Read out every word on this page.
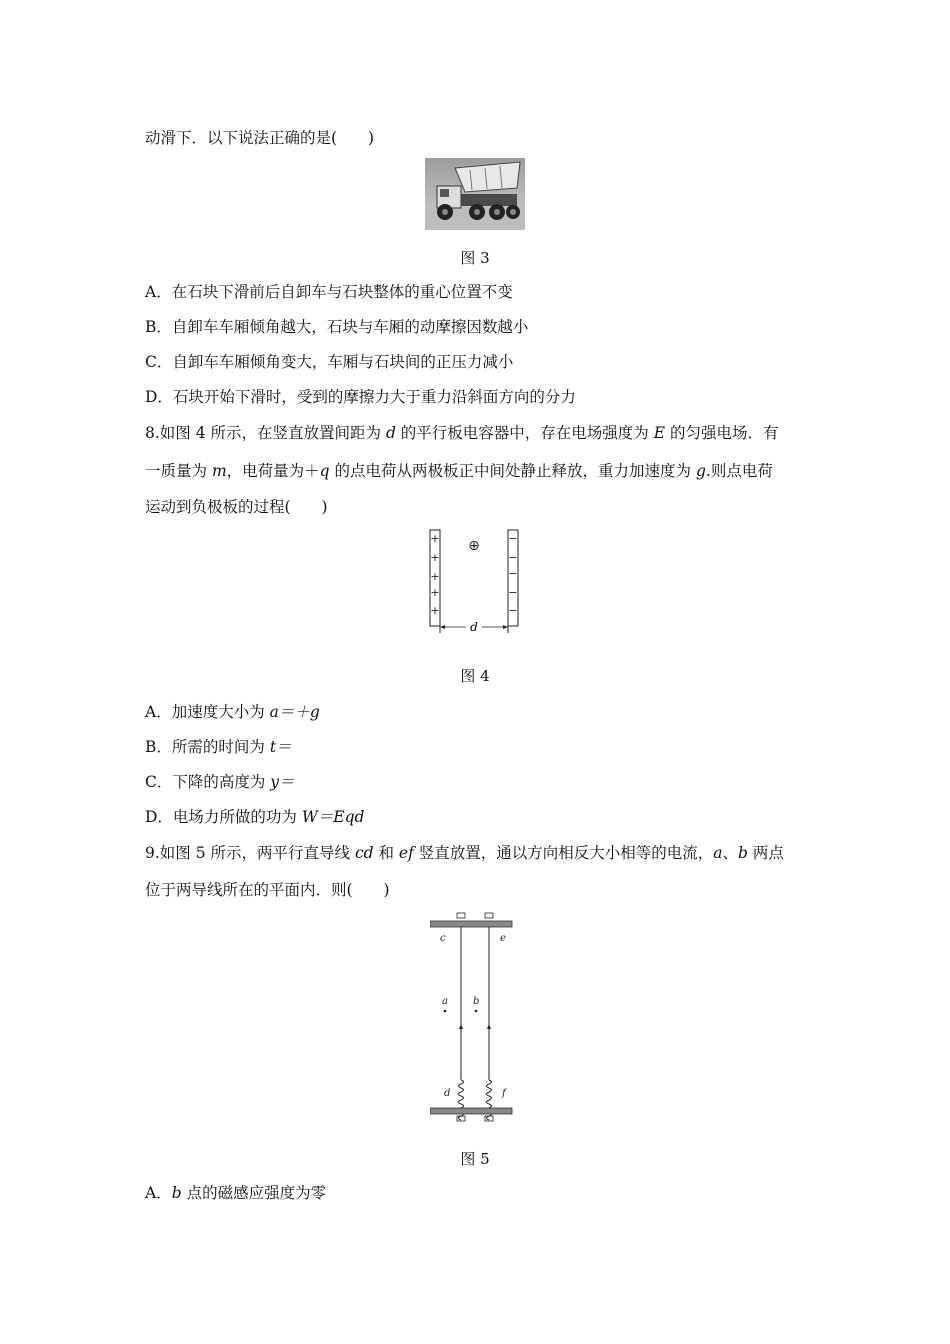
动滑下．以下说法正确的是(　　)
图 3
A．在石块下滑前后自卸车与石块整体的重心位置不变
B．自卸车车厢倾角越大，石块与车厢的动摩擦因数越小
C．自卸车车厢倾角变大，车厢与石块间的正压力减小
D．石块开始下滑时，受到的摩擦力大于重力沿斜面方向的分力
8.如图 4 所示，在竖直放置间距为 d 的平行板电容器中，存在电场强度为 E 的匀强电场．有
一质量为 m，电荷量为＋q 的点电荷从两极板正中间处静止释放，重力加速度为 g.则点电荷
运动到负极板的过程(　　)
+
+
+
+
+
−
−
−
−
−
⊕
d
图 4
A．加速度大小为 a＝＋g
B．所需的时间为 t＝
C．下降的高度为 y＝
D．电场力所做的功为 W＝Eqd
9.如图 5 所示，两平行直导线 cd 和 ef 竖直放置，通以方向相反大小相等的电流，a、b 两点
位于两导线所在的平面内．则(　　)
c	e
a	b
d	f
图 5
A．b 点的磁感应强度为零
